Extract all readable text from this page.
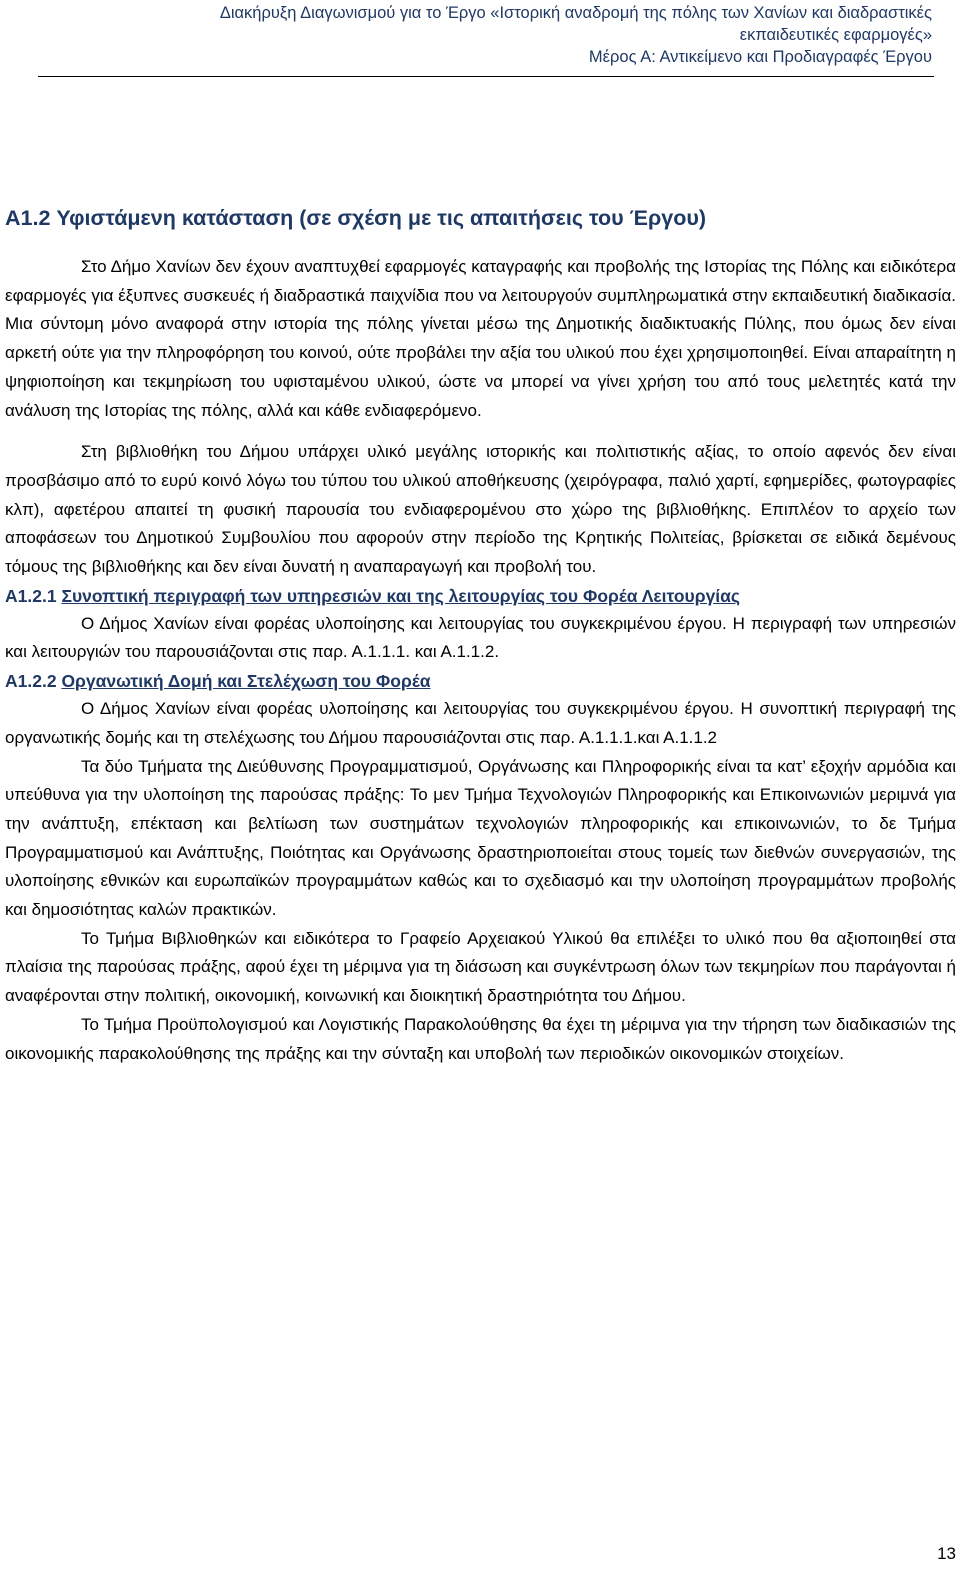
Διακήρυξη Διαγωνισμού για το Έργο «Ιστορική αναδρομή της πόλης των Χανίων και διαδραστικές
εκπαιδευτικές εφαρμογές»
Μέρος Α: Αντικείμενο και Προδιαγραφές Έργου
A1.2 Υφιστάμενη κατάσταση (σε σχέση με τις απαιτήσεις του Έργου)

Στο Δήμο Χανίων δεν έχουν αναπτυχθεί εφαρμογές καταγραφής και προβολής της Ιστορίας της Πόλης και ειδικότερα εφαρμογές για έξυπνες συσκευές ή διαδραστικά παιχνίδια που να λειτουργούν συμπληρωματικά στην εκπαιδευτική διαδικασία. Μια σύντομη μόνο αναφορά στην ιστορία της πόλης γίνεται μέσω της Δημοτικής διαδικτυακής Πύλης, που όμως δεν είναι αρκετή ούτε για την πληροφόρηση του κοινού, ούτε προβάλει την αξία του υλικού που έχει χρησιμοποιηθεί. Είναι απαραίτητη η ψηφιοποίηση και τεκμηρίωση του υφισταμένου υλικού, ώστε να μπορεί να γίνει χρήση του από τους μελετητές κατά την ανάλυση της Ιστορίας της πόλης, αλλά και κάθε ενδιαφερόμενο.

Στη βιβλιοθήκη του Δήμου υπάρχει υλικό μεγάλης ιστορικής και πολιτιστικής αξίας, το οποίο αφενός δεν είναι προσβάσιμο από το ευρύ κοινό λόγω του τύπου του υλικού αποθήκευσης (χειρόγραφα, παλιό χαρτί, εφημερίδες, φωτογραφίες κλπ), αφετέρου απαιτεί τη φυσική παρουσία του ενδιαφερομένου στο χώρο της βιβλιοθήκης. Επιπλέον το αρχείο των αποφάσεων του Δημοτικού Συμβουλίου που αφορούν στην περίοδο της Κρητικής Πολιτείας, βρίσκεται σε ειδικά δεμένους τόμους της βιβλιοθήκης και δεν είναι δυνατή η αναπαραγωγή και προβολή του.

A1.2.1 Συνοπτική περιγραφή των υπηρεσιών και της λειτουργίας του Φορέα Λειτουργίας

Ο Δήμος Χανίων είναι φορέας υλοποίησης και λειτουργίας του συγκεκριμένου έργου. Η περιγραφή των υπηρεσιών και λειτουργιών του παρουσιάζονται στις παρ. Α.1.1.1. και Α.1.1.2.

A1.2.2 Οργανωτική Δομή και Στελέχωση του Φορέα

Ο Δήμος Χανίων είναι φορέας υλοποίησης και λειτουργίας του συγκεκριμένου έργου. Η συνοπτική περιγραφή της οργανωτικής δομής και τη στελέχωσης του Δήμου παρουσιάζονται στις παρ. Α.1.1.1.και Α.1.1.2

Τα δύο Τμήματα της Διεύθυνσης Προγραμματισμού, Οργάνωσης και Πληροφορικής είναι τα κατ’ εξοχήν αρμόδια και υπεύθυνα για την υλοποίηση της παρούσας πράξης: Το μεν Τμήμα Τεχνολογιών Πληροφορικής και Επικοινωνιών μεριμνά για την ανάπτυξη, επέκταση και βελτίωση των συστημάτων τεχνολογιών πληροφορικής και επικοινωνιών, το δε Τμήμα Προγραμματισμού και Ανάπτυξης, Ποιότητας και Οργάνωσης δραστηριοποιείται στους τομείς των διεθνών συνεργασιών, της υλοποίησης εθνικών και ευρωπαϊκών προγραμμάτων καθώς και το σχεδιασμό και την υλοποίηση προγραμμάτων προβολής και δημοσιότητας καλών πρακτικών.

Το Τμήμα Βιβλιοθηκών και ειδικότερα το Γραφείο Αρχειακού Υλικού θα επιλέξει το υλικό που θα αξιοποιηθεί στα πλαίσια της παρούσας πράξης, αφού έχει τη μέριμνα για τη διάσωση και συγκέντρωση όλων των τεκμηρίων που παράγονται ή αναφέρονται στην πολιτική, οικονομική, κοινωνική και διοικητική δραστηριότητα του Δήμου.

Το Τμήμα Προϋπολογισμού και Λογιστικής Παρακολούθησης θα έχει τη μέριμνα για την τήρηση των διαδικασιών της οικονομικής παρακολούθησης της πράξης και την σύνταξη και υποβολή των περιοδικών οικονομικών στοιχείων.

13
